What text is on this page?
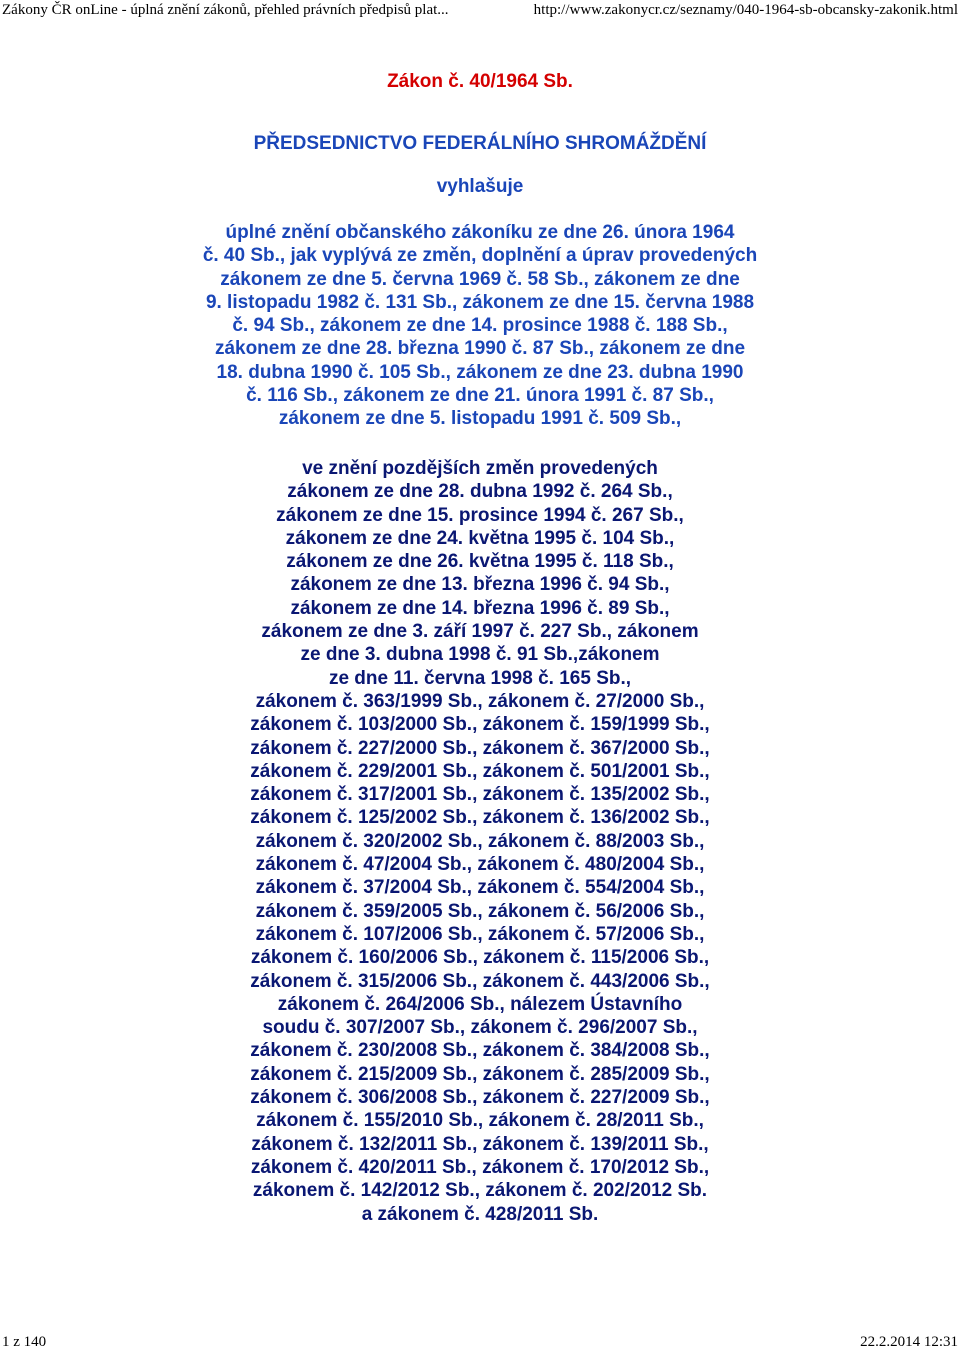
Zákony ČR onLine - úplná znění zákonů, přehled právních předpisů plat...	http://www.zakonycr.cz/seznamy/040-1964-sb-obcansky-zakonik.html
Zákon č. 40/1964 Sb.
PŘEDSEDNICTVO FEDERÁLNÍHO SHROMÁŽDĚNÍ
vyhlašuje
úplné znění občanského zákoníku ze dne 26. února 1964
č. 40 Sb., jak vyplývá ze změn, doplnění a úprav provedených
zákonem ze dne 5. června 1969 č. 58 Sb., zákonem ze dne
9. listopadu 1982 č. 131 Sb., zákonem ze dne 15. června 1988
č. 94 Sb., zákonem ze dne 14. prosince 1988 č. 188 Sb.,
zákonem ze dne 28. března 1990 č. 87 Sb., zákonem ze dne
18. dubna 1990 č. 105 Sb., zákonem ze dne 23. dubna 1990
č. 116 Sb., zákonem ze dne 21. února 1991 č. 87 Sb.,
zákonem ze dne 5. listopadu 1991 č. 509 Sb.,
ve znění pozdějších změn provedených
zákonem ze dne 28. dubna 1992 č. 264 Sb.,
zákonem ze dne 15. prosince 1994 č. 267 Sb.,
zákonem ze dne 24. května 1995 č. 104 Sb.,
zákonem ze dne 26. května 1995 č. 118 Sb.,
zákonem ze dne 13. března 1996 č. 94 Sb.,
zákonem ze dne 14. března 1996 č. 89 Sb.,
zákonem ze dne 3. září 1997 č. 227 Sb., zákonem
ze dne 3. dubna 1998 č. 91 Sb.,zákonem
ze dne 11. června 1998 č. 165 Sb.,
zákonem č. 363/1999 Sb., zákonem č. 27/2000 Sb.,
zákonem č. 103/2000 Sb., zákonem č. 159/1999 Sb.,
zákonem č. 227/2000 Sb., zákonem č. 367/2000 Sb.,
zákonem č. 229/2001 Sb., zákonem č. 501/2001 Sb.,
zákonem č. 317/2001 Sb., zákonem č. 135/2002 Sb.,
zákonem č. 125/2002 Sb., zákonem č. 136/2002 Sb.,
zákonem č. 320/2002 Sb., zákonem č. 88/2003 Sb.,
zákonem č. 47/2004 Sb., zákonem č. 480/2004 Sb.,
zákonem č. 37/2004 Sb., zákonem č. 554/2004 Sb.,
zákonem č. 359/2005 Sb., zákonem č. 56/2006 Sb.,
zákonem č. 107/2006 Sb., zákonem č. 57/2006 Sb.,
zákonem č. 160/2006 Sb., zákonem č. 115/2006 Sb.,
zákonem č. 315/2006 Sb., zákonem č. 443/2006 Sb.,
zákonem č. 264/2006 Sb., nálezem Ústavního
soudu č. 307/2007 Sb., zákonem č. 296/2007 Sb.,
zákonem č. 230/2008 Sb., zákonem č. 384/2008 Sb.,
zákonem č. 215/2009 Sb., zákonem č. 285/2009 Sb.,
zákonem č. 306/2008 Sb., zákonem č. 227/2009 Sb.,
zákonem č. 155/2010 Sb., zákonem č. 28/2011 Sb.,
zákonem č. 132/2011 Sb., zákonem č. 139/2011 Sb.,
zákonem č. 420/2011 Sb., zákonem č. 170/2012 Sb.,
zákonem č. 142/2012 Sb., zákonem č. 202/2012 Sb.
a zákonem č. 428/2011 Sb.
1 z 140	22.2.2014 12:31
